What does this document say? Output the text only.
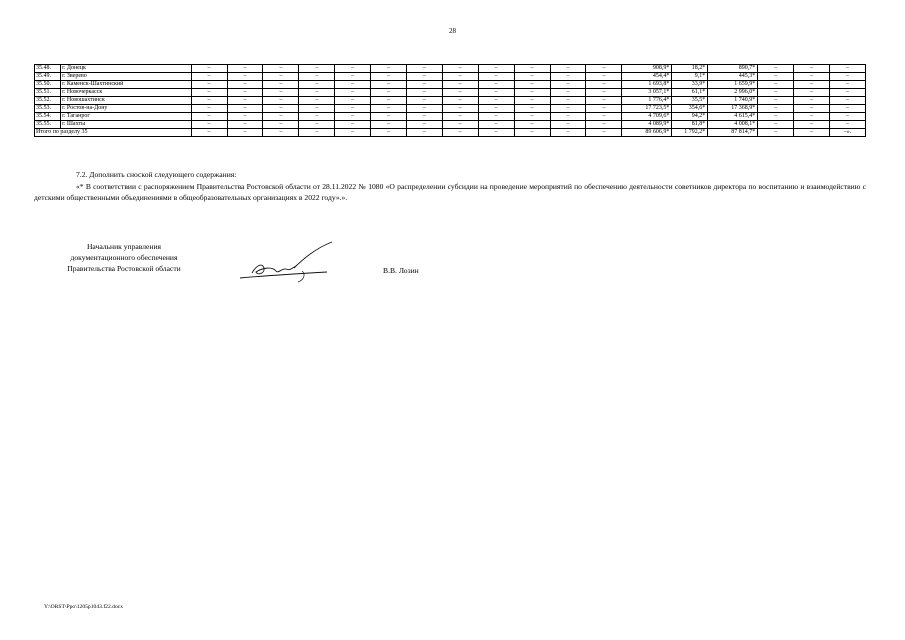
28
35.48.	г. Донецк	–	–	–	–	–	–	–	–	–	–	–	–	908,9*	18,2*	890,7*	–	–	–
35.49.	г. Зверево	–	–	–	–	–	–	–	–	–	–	–	–	454,4*	9,1*	445,3*	–	–	–
35.50.	г. Каменск-Шахтинский	–	–	–	–	–	–	–	–	–	–	–	–	1 693,8*	33,9*	1 659,9*	–	–	–
35.51.	г. Новочеркасск	–	–	–	–	–	–	–	–	–	–	–	–	3 057,1*	61,1*	2 996,0*	–	–	–
35.52.	г. Новошахтинск	–	–	–	–	–	–	–	–	–	–	–	–	1 776,4*	35,5*	1 740,9*	–	–	–
35.53.	г. Ростов-на-Дону	–	–	–	–	–	–	–	–	–	–	–	–	17 723,5*	354,6*	17 368,9*	–	–	–
35.54.	г. Таганрог	–	–	–	–	–	–	–	–	–	–	–	–	4 709,6*	94,2*	4 615,4*	–	–	–
35.55.	г. Шахты	–	–	–	–	–	–	–	–	–	–	–	–	4 089,9*	81,8*	4 008,1*	–	–	–
Итого по разделу 35		–	–	–	–	–	–	–	–	–	–	–	–	89 606,9*	1 792,2*	87 814,7*	–	–	–».
7.2. Дополнить сноской следующего содержания:
«* В соответствии с распоряжением Правительства Ростовской области от 28.11.2022 № 1080 «О распределении субсидии на проведение мероприятий по обеспечению деятельности советников директора по воспитанию и взаимодействию с детскими общественными объединениями в общеобразовательных организациях в 2022 году».».
Начальник управления
документационного обеспечения
Правительства Ростовской области	В.В. Лозин
Y:\ORST\Ppo\1205p1043.f22.docx
